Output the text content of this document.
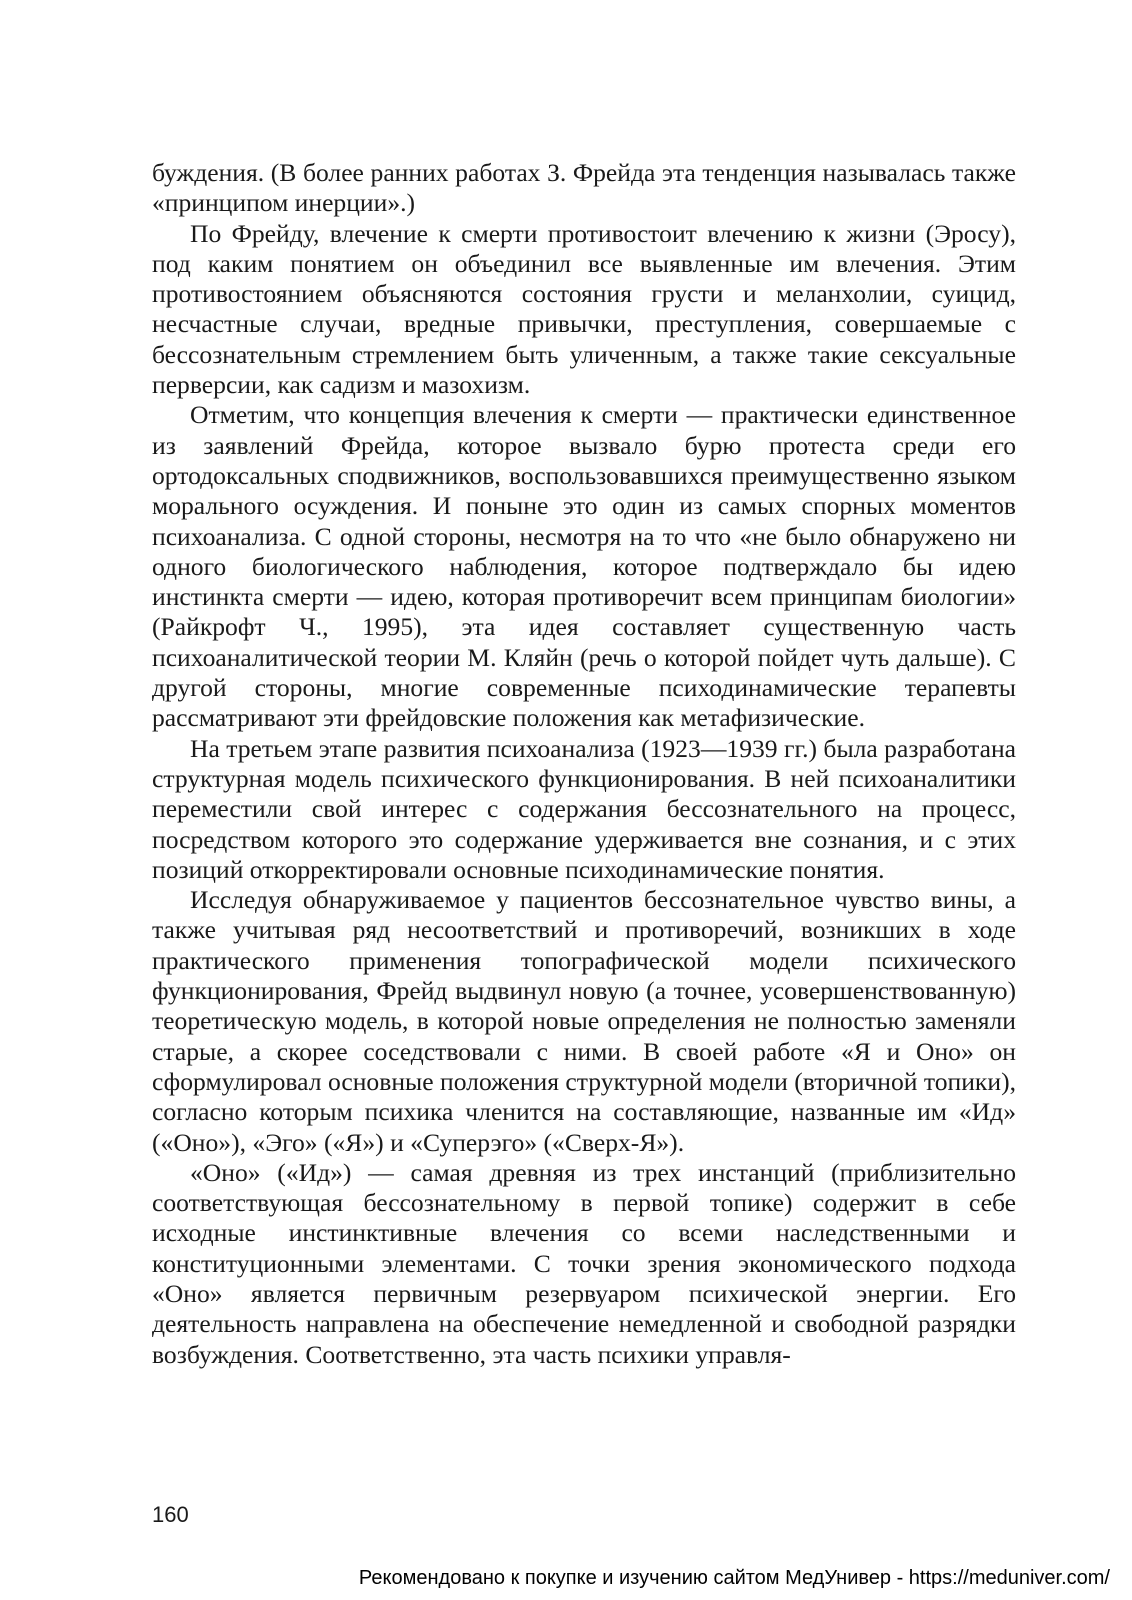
буждения. (В более ранних работах З. Фрейда эта тенденция называлась также «принципом инерции».)

По Фрейду, влечение к смерти противостоит влечению к жизни (Эросу), под каким понятием он объединил все выявленные им влечения. Этим противостоянием объясняются состояния грусти и меланхолии, суицид, несчастные случаи, вредные привычки, преступления, совершаемые с бессознательным стремлением быть уличенным, а также такие сексуальные перверсии, как садизм и мазохизм.

Отметим, что концепция влечения к смерти — практически единственное из заявлений Фрейда, которое вызвало бурю протеста среди его ортодоксальных сподвижников, воспользовавшихся преимущественно языком морального осуждения. И поныне это один из самых спорных моментов психоанализа. С одной стороны, несмотря на то что «не было обнаружено ни одного биологического наблюдения, которое подтверждало бы идею инстинкта смерти — идею, которая противоречит всем принципам биологии» (Райкрофт Ч., 1995), эта идея составляет существенную часть психоаналитической теории М. Кляйн (речь о которой пойдет чуть дальше). С другой стороны, многие современные психодинамические терапевты рассматривают эти фрейдовские положения как метафизические.

На третьем этапе развития психоанализа (1923—1939 гг.) была разработана структурная модель психического функционирования. В ней психоаналитики переместили свой интерес с содержания бессознательного на процесс, посредством которого это содержание удерживается вне сознания, и с этих позиций откорректировали основные психодинамические понятия.

Исследуя обнаруживаемое у пациентов бессознательное чувство вины, а также учитывая ряд несоответствий и противоречий, возникших в ходе практического применения топографической модели психического функционирования, Фрейд выдвинул новую (а точнее, усовершенствованную) теоретическую модель, в которой новые определения не полностью заменяли старые, а скорее соседствовали с ними. В своей работе «Я и Оно» он сформулировал основные положения структурной модели (вторичной топики), согласно которым психика членится на составляющие, названные им «Ид» («Оно»), «Эго» («Я») и «Суперэго» («Сверх-Я»).

«Оно» («Ид») — самая древняя из трех инстанций (приблизительно соответствующая бессознательному в первой топике) содержит в себе исходные инстинктивные влечения со всеми наследственными и конституционными элементами. С точки зрения экономического подхода «Оно» является первичным резервуаром психической энергии. Его деятельность направлена на обеспечение немедленной и свободной разрядки возбуждения. Соответственно, эта часть психики управля-

160
Рекомендовано к покупке и изучению сайтом МедУнивер - https://meduniver.com/
